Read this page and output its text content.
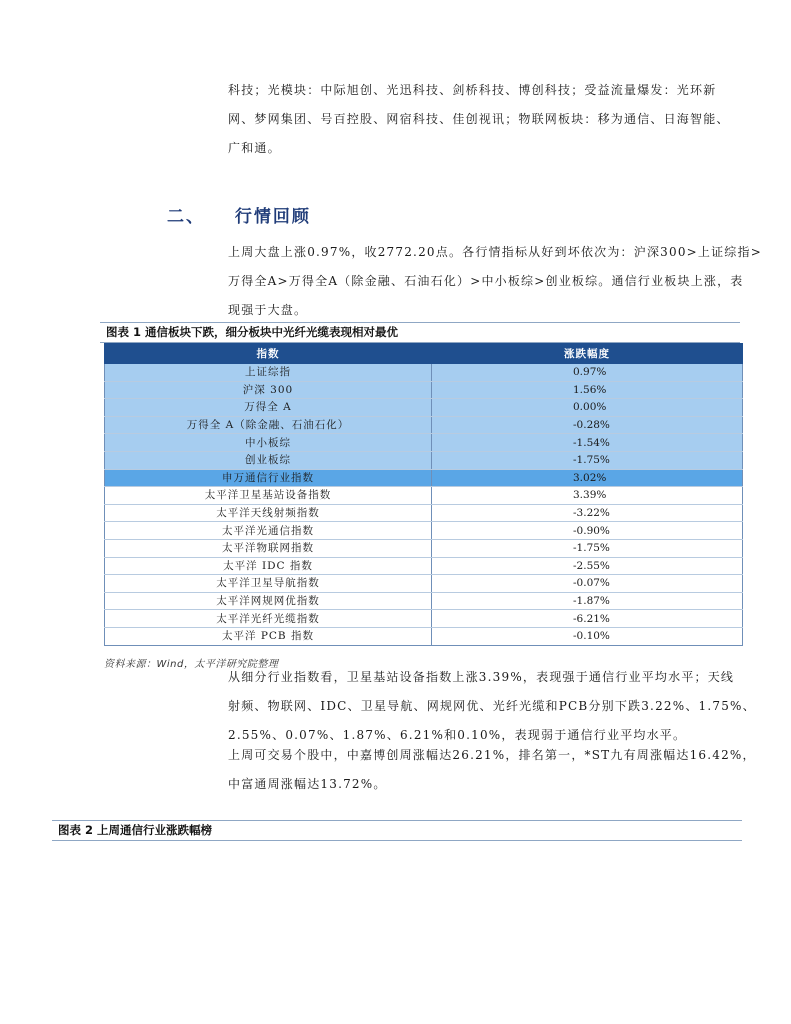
科技；光模块：中际旭创、光迅科技、剑桥科技、博创科技；受益流量爆发：光环新
网、梦网集团、号百控股、网宿科技、佳创视讯；物联网板块：移为通信、日海智能、
广和通。
二、 行情回顾
上周大盘上涨0.97%，收2772.20点。各行情指标从好到坏依次为：沪深300>上证综指>
万得全A>万得全A（除金融、石油石化）>中小板综>创业板综。通信行业板块上涨，表
现强于大盘。
图表 1 通信板块下跌，细分板块中光纤光缆表现相对最优
指数	涨跌幅度
上证综指	0.97%
沪深 300	1.56%
万得全 A	0.00%
万得全 A（除金融、石油石化）	-0.28%
中小板综	-1.54%
创业板综	-1.75%
申万通信行业指数	3.02%
太平洋卫星基站设备指数	3.39%
太平洋天线射频指数	-3.22%
太平洋光通信指数	-0.90%
太平洋物联网指数	-1.75%
太平洋 IDC 指数	-2.55%
太平洋卫星导航指数	-0.07%
太平洋网规网优指数	-1.87%
太平洋光纤光缆指数	-6.21%
太平洋 PCB 指数	-0.10%
资料来源：Wind，太平洋研究院整理
从细分行业指数看，卫星基站设备指数上涨3.39%，表现强于通信行业平均水平；天线
射频、物联网、IDC、卫星导航、网规网优、光纤光缆和PCB分别下跌3.22%、1.75%、
2.55%、0.07%、1.87%、6.21%和0.10%，表现弱于通信行业平均水平。
上周可交易个股中，中嘉博创周涨幅达26.21%，排名第一，*ST九有周涨幅达16.42%，
中富通周涨幅达13.72%。
图表 2 上周通信行业涨跌幅榜
